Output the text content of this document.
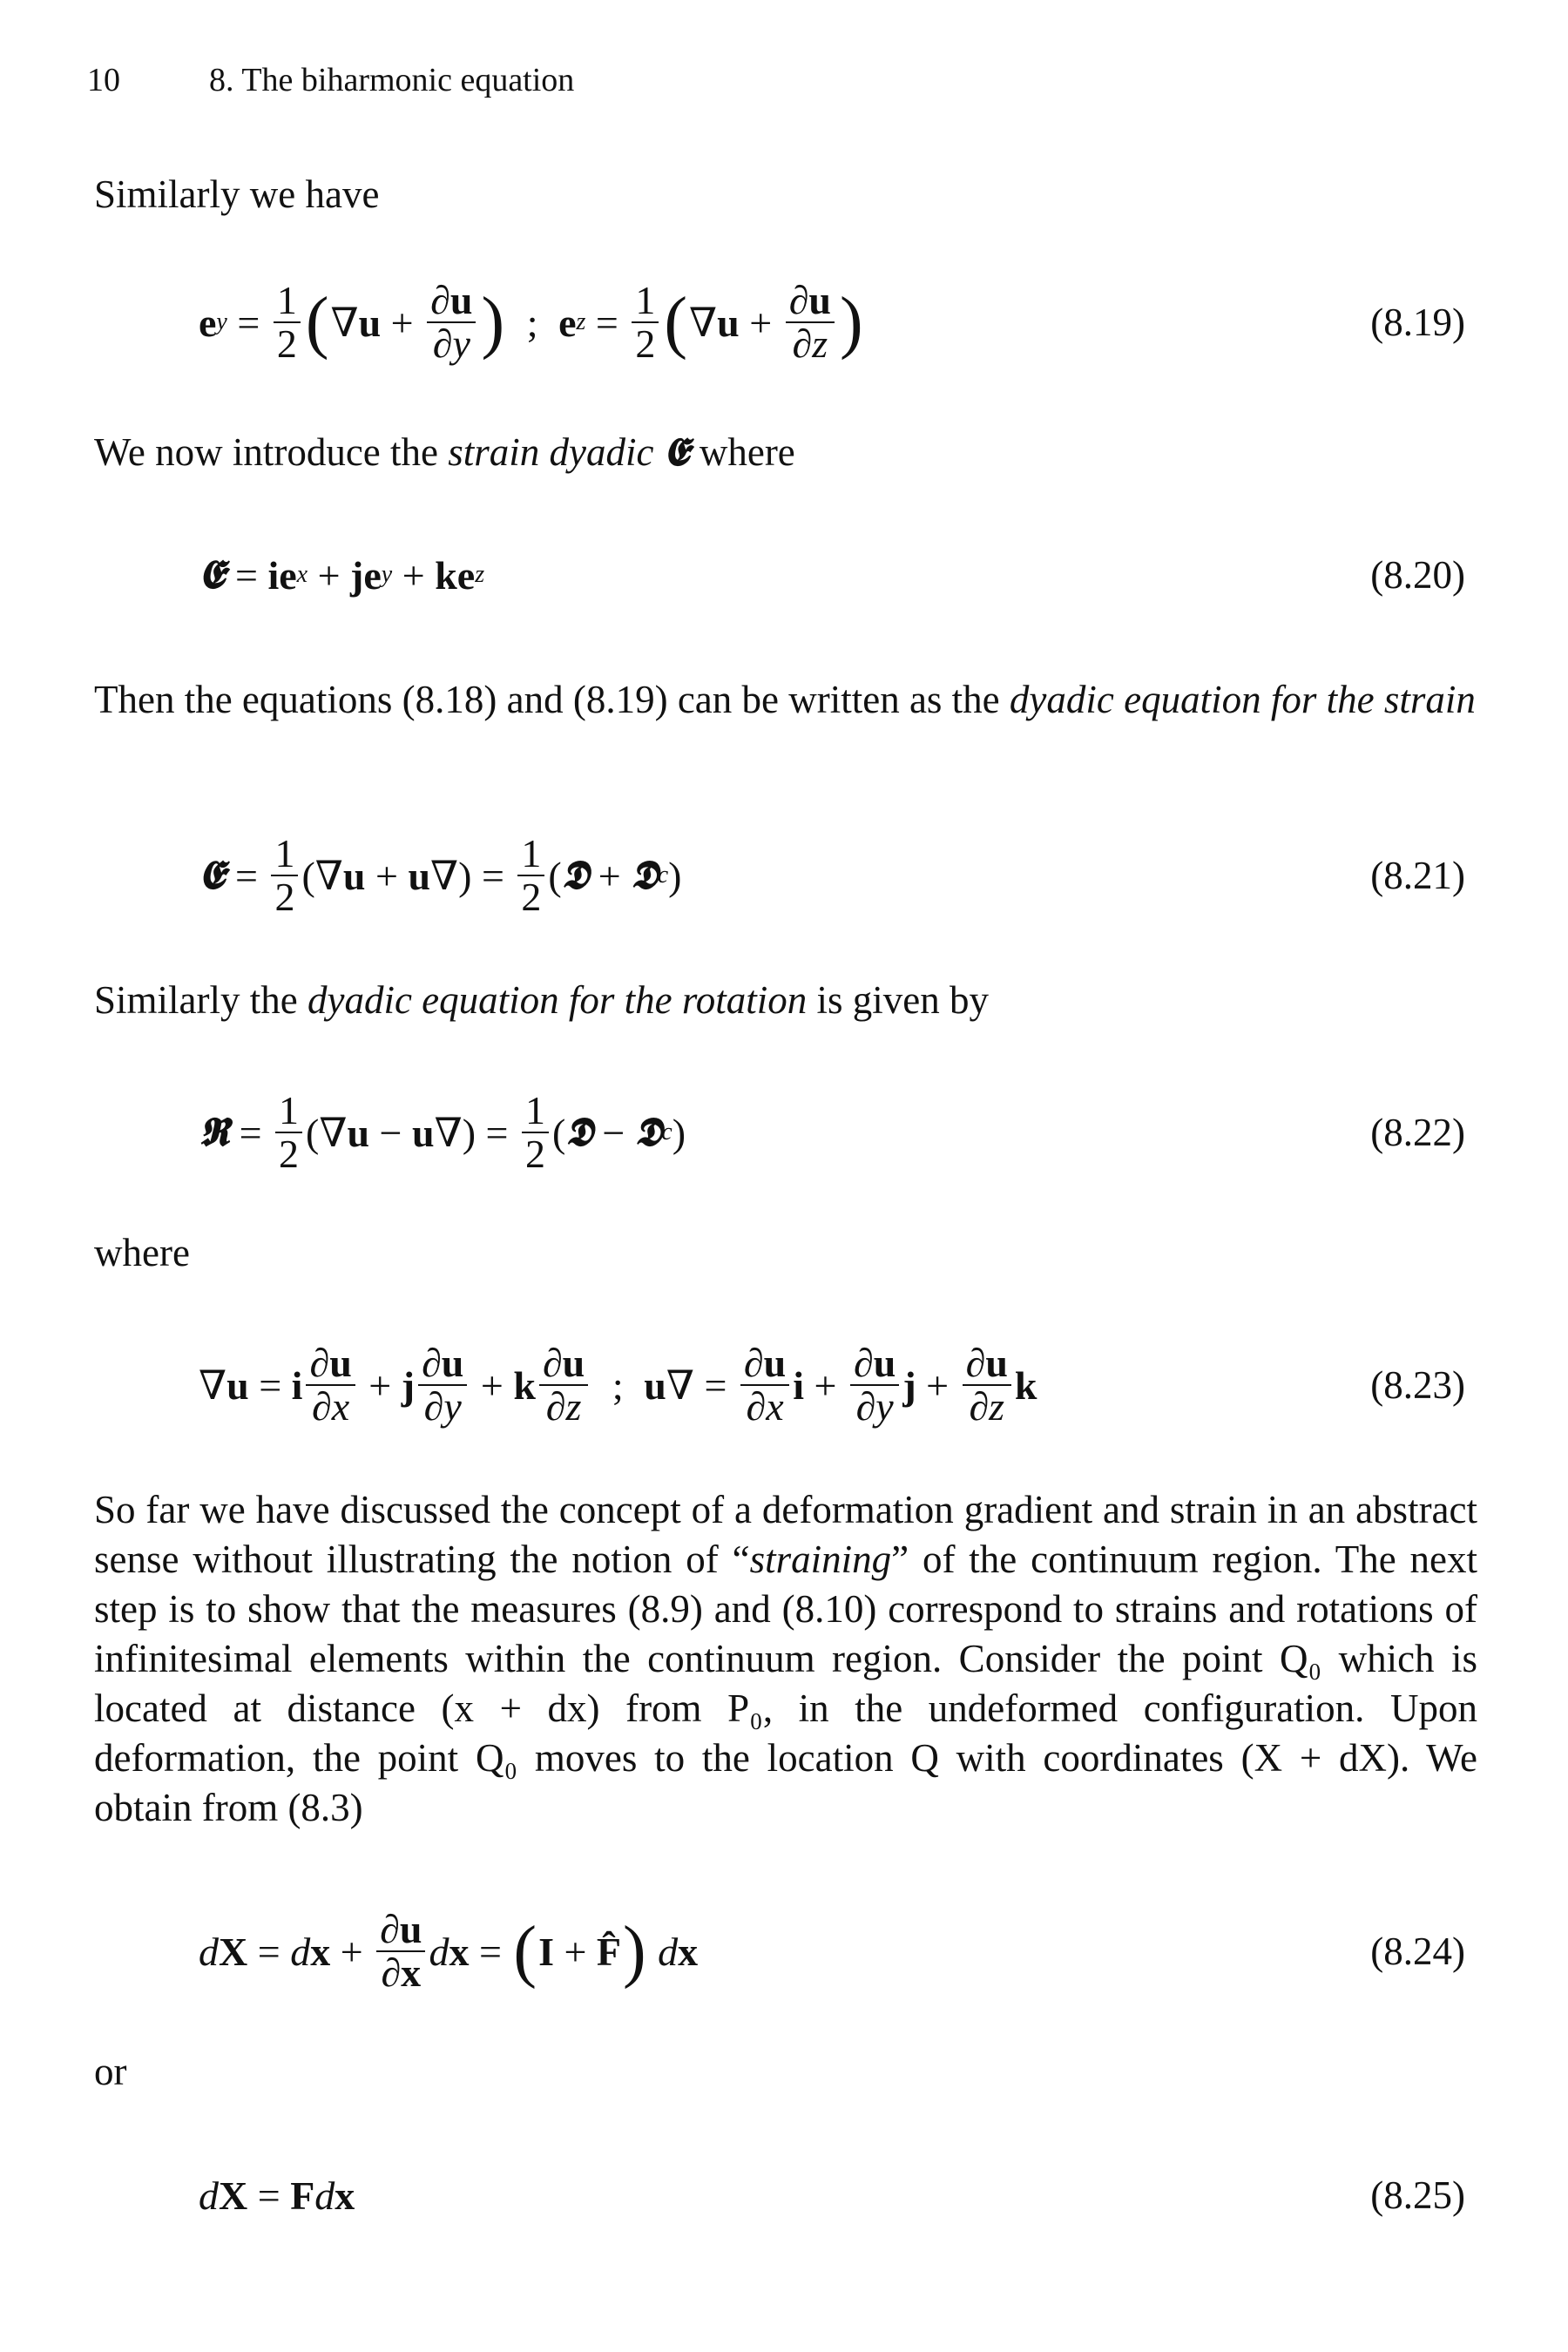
10	8. The biharmonic equation
Similarly we have
e $y = \frac{1}{2}$ ( ∇ $u + \frac{\partial u}{\partial y}$ ) ; e $z = \frac{1}{2}$ ( ∇ $u + \frac{\partial u}{\partial z}$ )	(8.19)
We now introduce the strain dyadic 𝕰 where
𝕰 = ie x + je y + ke z	(8.20)
Then the equations (8.18) and (8.19) can be written as the dyadic equation for the strain
𝕰 = $\frac{1}{2}$ (∇ u + u ∇) = $\frac{1}{2}$ ( 𝕯 + 𝕯 c )	(8.21)
Similarly the dyadic equation for the rotation is given by
𝕽 = $\frac{1}{2}$ (∇ u − u ∇) = $\frac{1}{2}$ ( 𝕯 − 𝕯 c )	(8.22)
where
∇ u = i $\frac{\partial u}{\partial x} + j \frac{\partial u}{\partial y} + k \frac{\partial u}{\partial z}$ ; u ∇ = $\frac{\partial u}{\partial x}$ $i + \frac{\partial u}{\partial y}$ $j + \frac{\partial u}{\partial z}$ k	(8.23)
So far we have discussed the concept of a deformation gradient and strain in an abstract sense without illustrating the notion of “straining” of the continuum region. The next step is to show that the measures (8.9) and (8.10) correspond to strains and rotations of infinitesimal elements within the continuum region. Consider the point Q₀ which is located at distance (x + dx) from P₀, in the undeformed configuration. Upon deformation, the point Q₀ moves to the location Q with coordinates (X + dX). We obtain from (8.3)
d X = d $x + \frac{\partial u}{\partial x}$ d x = ( I + F̂ )
d x	(8.24)
or
d X = F d x	(8.25)
